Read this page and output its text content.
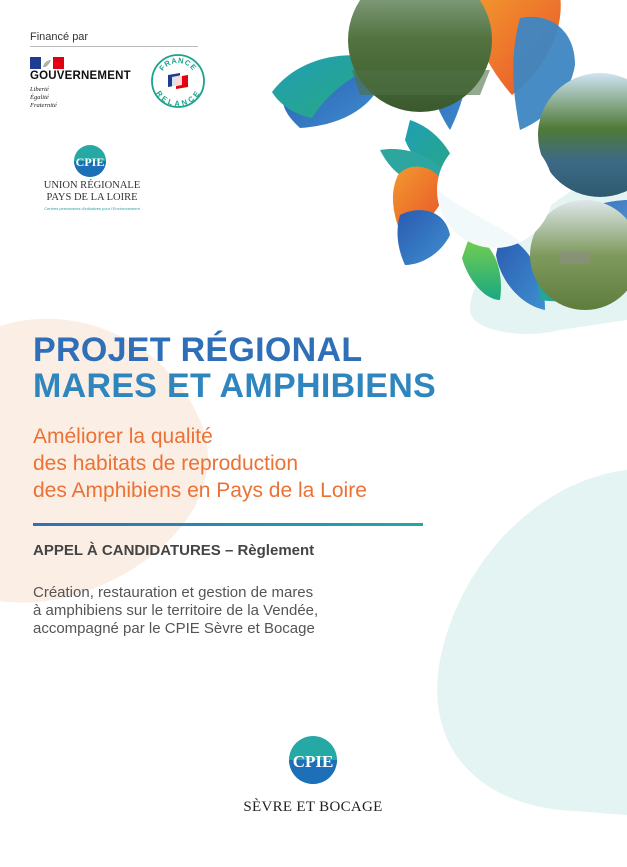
Financé par
GOUVERNEMENT
Liberté
Égalité
Fraternité
FRANCE
RELANCE
CPIE
UNION RÉGIONALE
PAYS DE LA LOIRE
Centres permanents d'initiatives pour l'Environnement
PROJET RÉGIONAL
MARES ET AMPHIBIENS
Améliorer la qualité
des habitats de reproduction
des Amphibiens en Pays de la Loire
APPEL À CANDIDATURES – Règlement
Création, restauration et gestion de mares
à amphibiens sur le territoire de la Vendée,
accompagné par le CPIE Sèvre et Bocage
CPIE
SÈVRE ET BOCAGE
